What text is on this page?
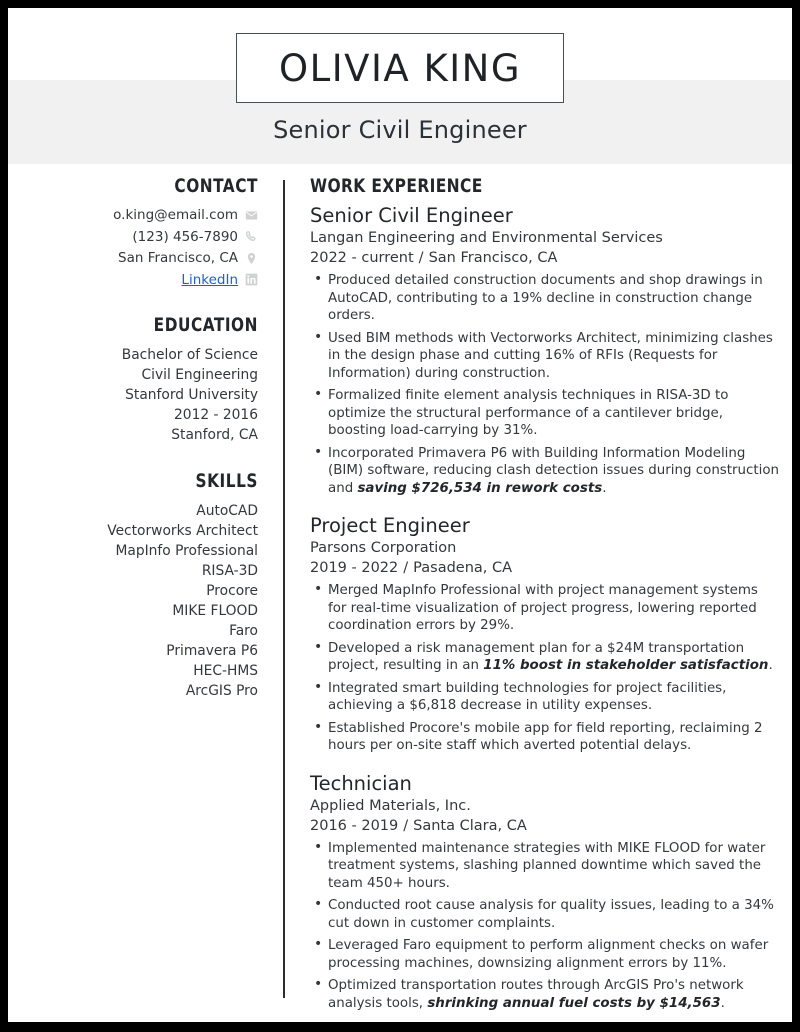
OLIVIA KING
Senior Civil Engineer
CONTACT
o.king@email.com
(123) 456-7890
San Francisco, CA
LinkedIn
EDUCATION
Bachelor of Science
Civil Engineering
Stanford University
2012 - 2016
Stanford, CA
SKILLS
AutoCAD
Vectorworks Architect
MapInfo Professional
RISA-3D
Procore
MIKE FLOOD
Faro
Primavera P6
HEC-HMS
ArcGIS Pro
WORK EXPERIENCE
Senior Civil Engineer
Langan Engineering and Environmental Services
2022 - current / San Francisco, CA
• Produced detailed construction documents and shop drawings in AutoCAD, contributing to a 19% decline in construction change orders.
• Used BIM methods with Vectorworks Architect, minimizing clashes in the design phase and cutting 16% of RFIs (Requests for Information) during construction.
• Formalized finite element analysis techniques in RISA-3D to optimize the structural performance of a cantilever bridge, boosting load-carrying by 31%.
• Incorporated Primavera P6 with Building Information Modeling (BIM) software, reducing clash detection issues during construction and saving $726,534 in rework costs.
Project Engineer
Parsons Corporation
2019 - 2022 / Pasadena, CA
• Merged MapInfo Professional with project management systems for real-time visualization of project progress, lowering reported coordination errors by 29%.
• Developed a risk management plan for a $24M transportation project, resulting in an 11% boost in stakeholder satisfaction.
• Integrated smart building technologies for project facilities, achieving a $6,818 decrease in utility expenses.
• Established Procore's mobile app for field reporting, reclaiming 2 hours per on-site staff which averted potential delays.
Technician
Applied Materials, Inc.
2016 - 2019 / Santa Clara, CA
• Implemented maintenance strategies with MIKE FLOOD for water treatment systems, slashing planned downtime which saved the team 450+ hours.
• Conducted root cause analysis for quality issues, leading to a 34% cut down in customer complaints.
• Leveraged Faro equipment to perform alignment checks on wafer processing machines, downsizing alignment errors by 11%.
• Optimized transportation routes through ArcGIS Pro's network analysis tools, shrinking annual fuel costs by $14,563.
